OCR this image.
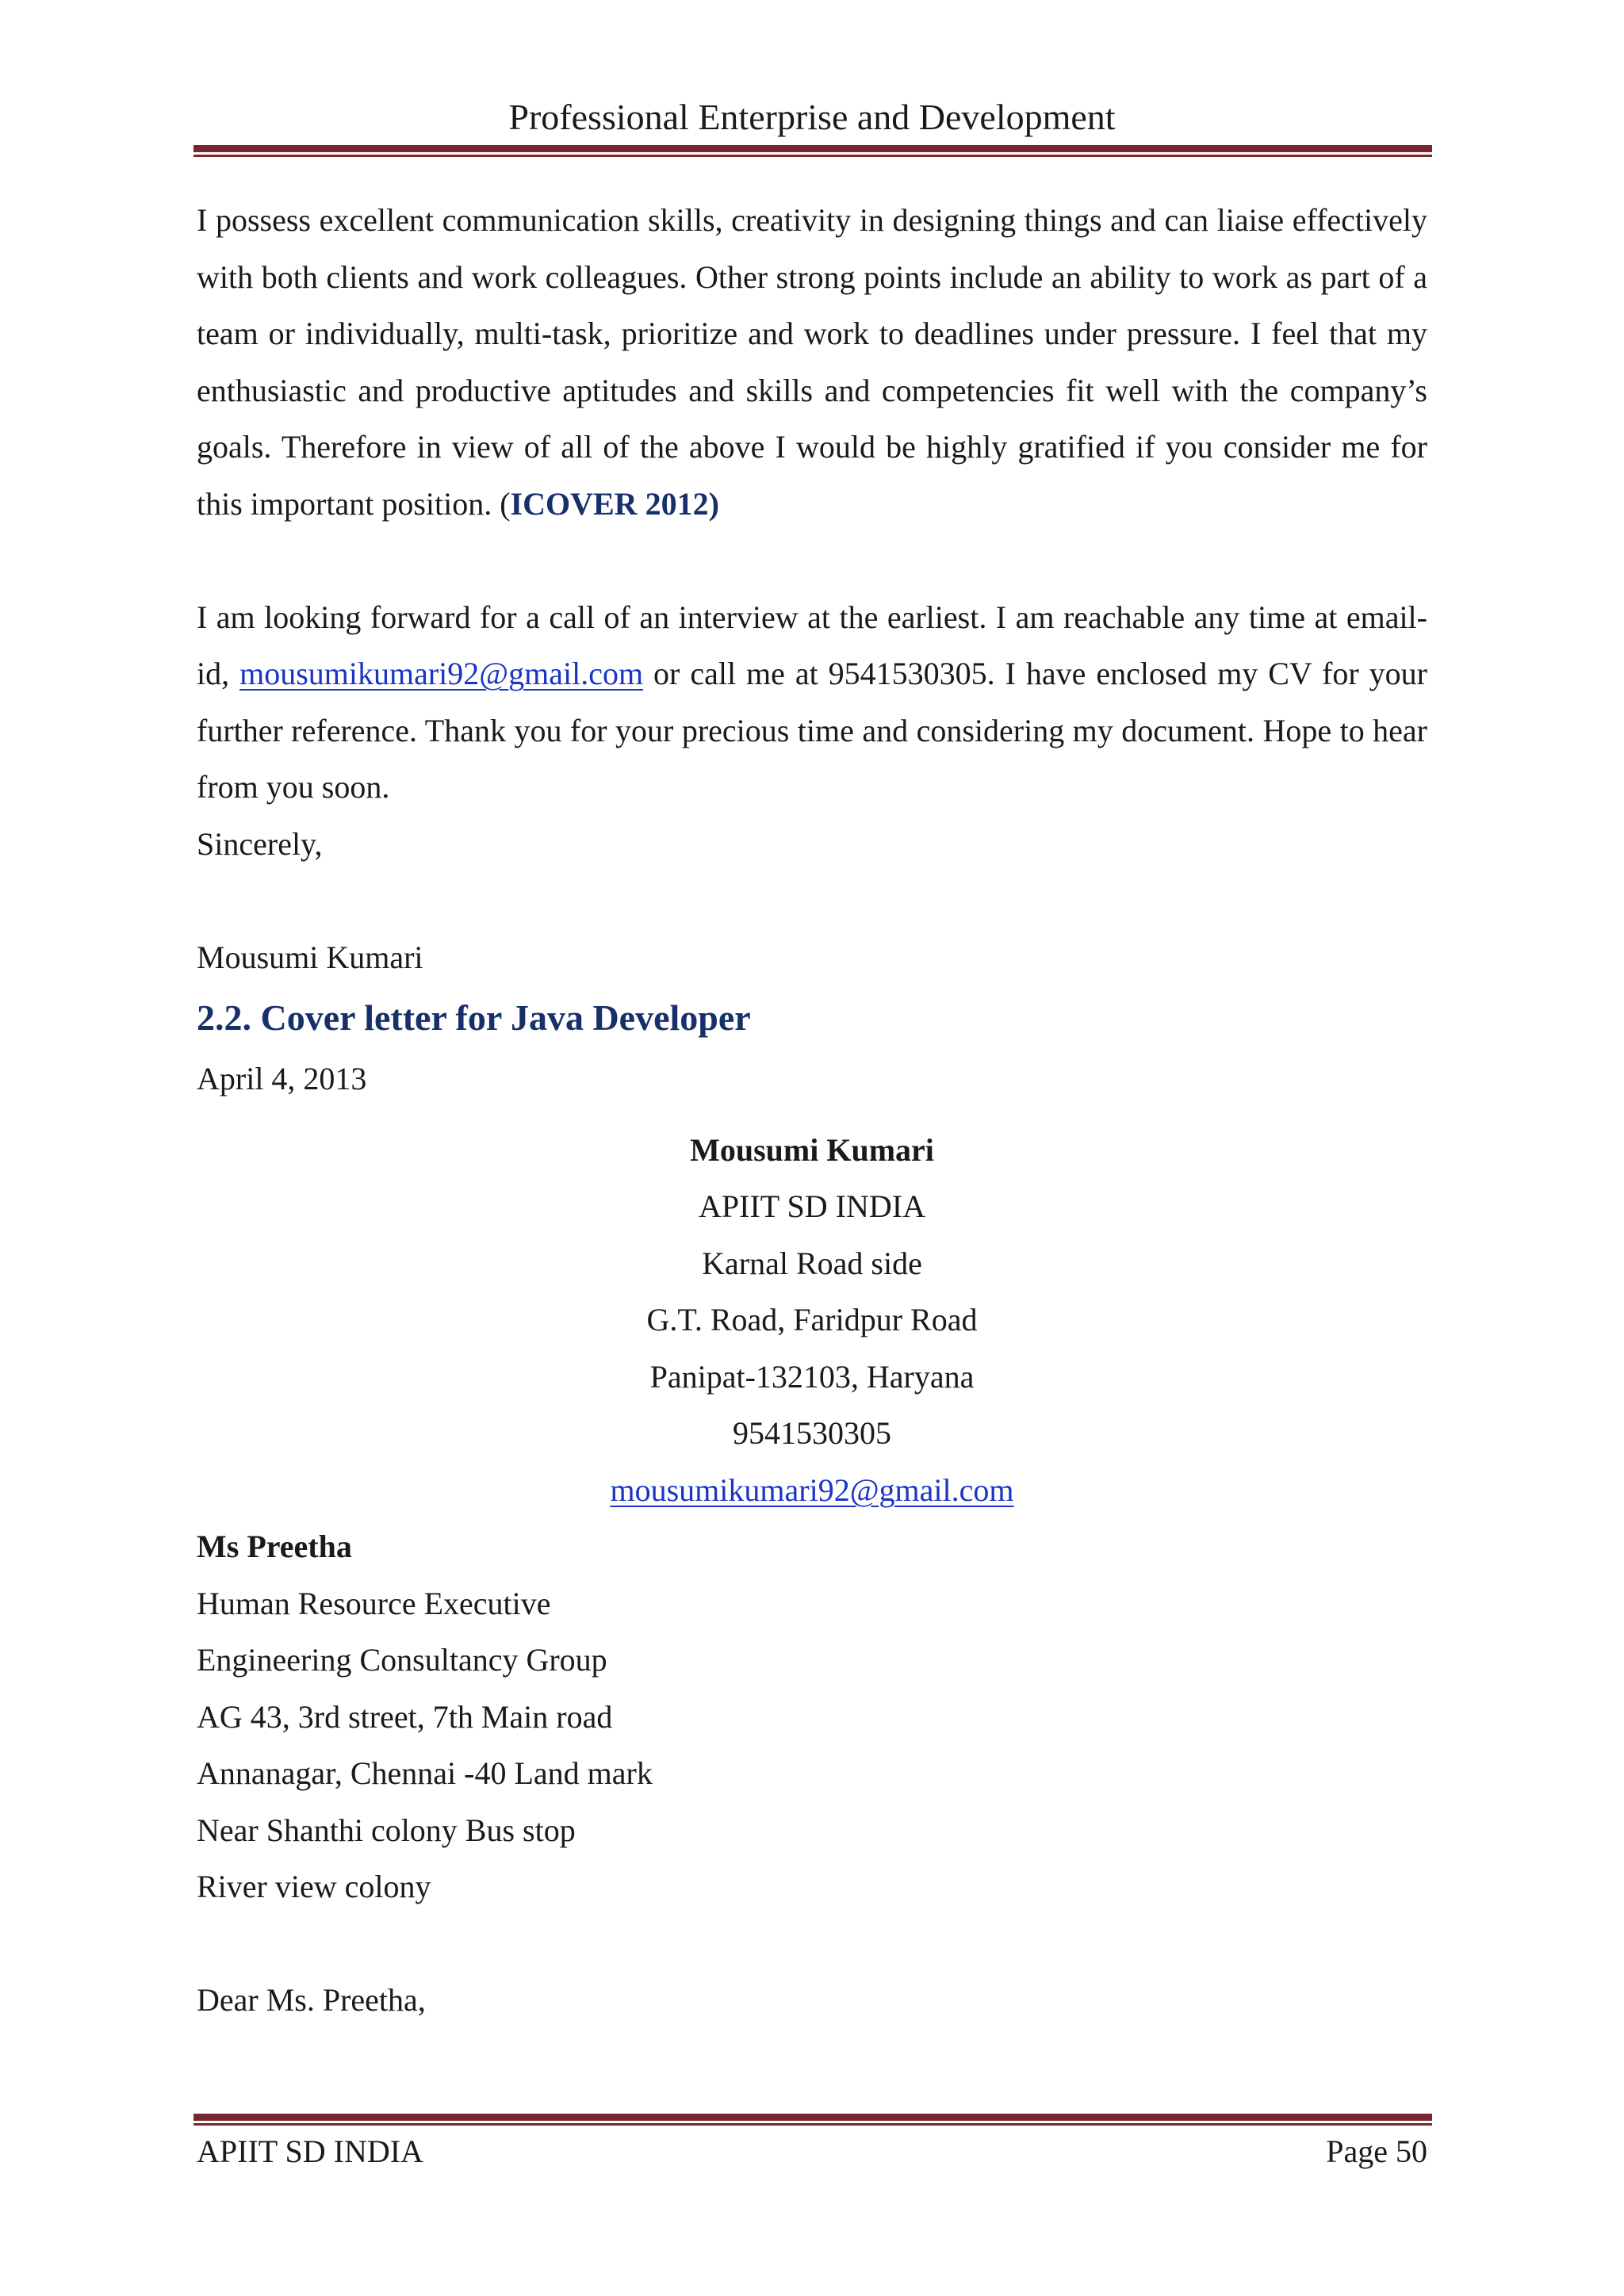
Professional Enterprise and Development

I possess excellent communication skills, creativity in designing things and can liaise effectively with both clients and work colleagues. Other strong points include an ability to work as part of a team or individually, multi-task, prioritize and work to deadlines under pressure. I feel that my enthusiastic and productive aptitudes and skills and competencies fit well with the company’s goals. Therefore in view of all of the above I would be highly gratified if you consider me for this important position. (ICOVER 2012)

I am looking forward for a call of an interview at the earliest. I am reachable any time at email-id, mousumikumari92@gmail.com or call me at 9541530305. I have enclosed my CV for your further reference. Thank you for your precious time and considering my document. Hope to hear from you soon.

Sincerely,

Mousumi Kumari

2.2. Cover letter for Java Developer

April 4, 2013

Mousumi Kumari

APIIT SD INDIA

Karnal Road side

G.T. Road, Faridpur Road

Panipat-132103, Haryana

9541530305

mousumikumari92@gmail.com

Ms Preetha

Human Resource Executive

Engineering Consultancy Group

AG 43, 3rd street, 7th Main road

Annanagar, Chennai -40 Land mark

Near Shanthi colony Bus stop

River view colony

Dear Ms. Preetha,

APIIT SD INDIA	Page 50
